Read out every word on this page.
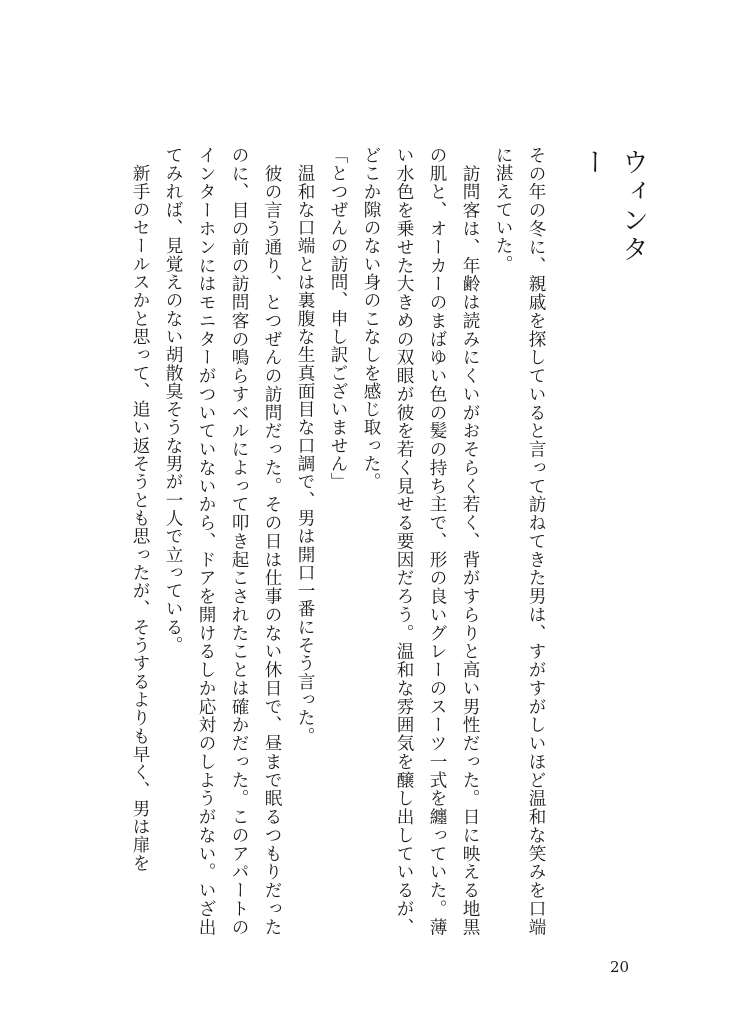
ウィンター

その年の冬に、親戚を探していると言って訪ねてきた男は、すがすがしいほど温和な笑みを口端に湛えていた。

　訪問客は、年齢は読みにくいがおそらく若く、背がすらりと高い男性だった。日に映える地黒の肌と、オーカーのまばゆい色の髪の持ち主で、形の良いグレーのスーツ一式を纏っていた。薄い水色を乗せた大きめの双眼が彼を若く見せる要因だろう。温和な雰囲気を醸し出しているが、どこか隙のない身のこなしを感じ取った。

「とつぜんの訪問、申し訳ございません」

　温和な口端とは裏腹な生真面目な口調で、男は開口一番にそう言った。

　彼の言う通り、とつぜんの訪問だった。その日は仕事のない休日で、昼まで眠るつもりだったのに、目の前の訪問客の鳴らすベルによって叩き起こされたことは確かだった。このアパートのインターホンにはモニターがついていないから、ドアを開けるしか応対のしようがない。いざ出てみれば、見覚えのない胡散臭そうな男が一人で立っている。

　新手のセールスかと思って、追い返そうとも思ったが、そうするよりも早く、男は扉を

20
